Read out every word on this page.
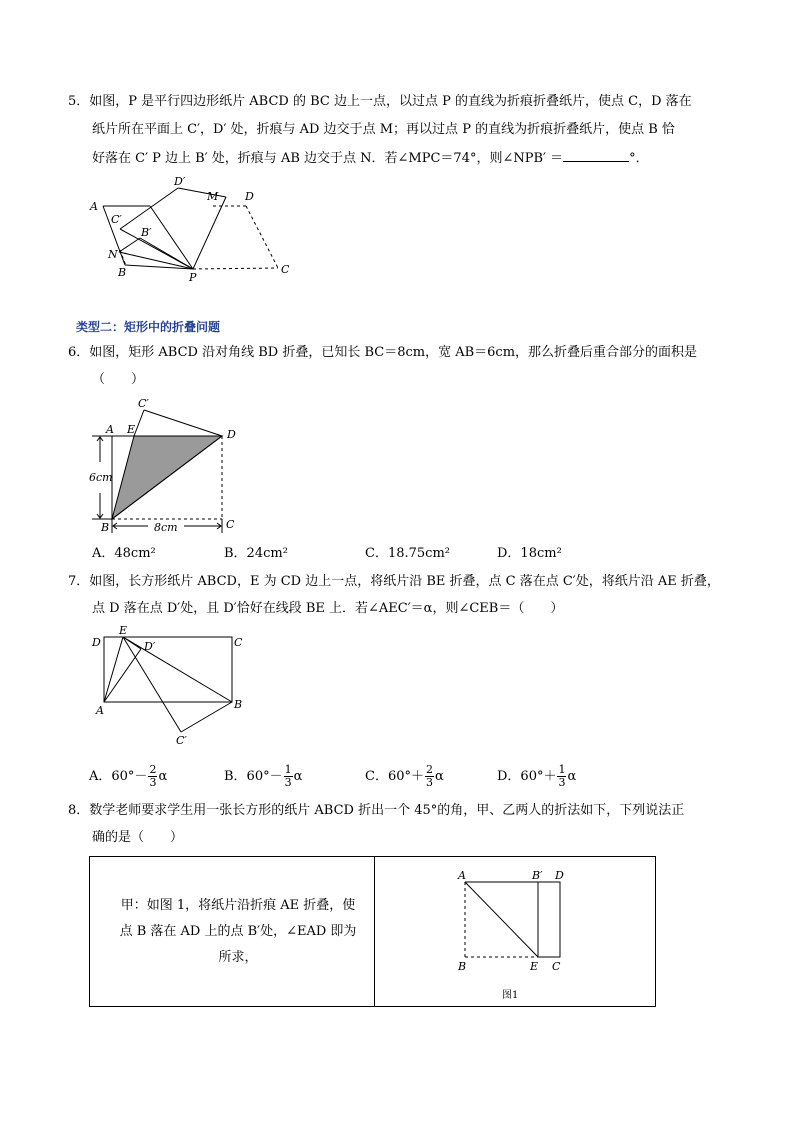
5．如图，P 是平行四边形纸片 ABCD 的 BC 边上一点，以过点 P 的直线为折痕折叠纸片，使点 C，D 落在
纸片所在平面上 C′，D′ 处，折痕与 AD 边交于点 M；再以过点 P 的直线为折痕折叠纸片，使点 B 恰
好落在 C′ P 边上 B′ 处，折痕与 AB 边交于点 N．若∠MPC＝74°，则∠NPB′ ＝	°．
A
D′
M D
C′
B′
N
B	P
C
类型二：矩形中的折叠问题
6．如图，矩形 ABCD 沿对角线 BD 折叠，已知长 BC＝8cm，宽 AB＝6cm，那么折叠后重合部分的面积是
（　　）
C′
A E	D
6cm
B	8cm	C
A．48cm²	B．24cm²	C．18.75cm²	D．18cm²
7．如图，长方形纸片 ABCD，E 为 CD 边上一点，将纸片沿 BE 折叠，点 C 落在点 C′处，将纸片沿 AE 折叠，
点 D 落在点 D′处，且 D′恰好在线段 BE 上．若∠AEC′＝α，则∠CEB＝（　　）
D
E
D′	C
A	B
C′
A．$60^\circ- \frac{2}{3}$ α	B．$60^\circ- \frac{1}{3}$ α	C．$60^\circ+ \frac{2}{3}$ α	D．$60^\circ+ \frac{1}{3}$ α
8．数学老师要求学生用一张长方形的纸片 ABCD 折出一个 45°的角，甲、乙两人的折法如下，下列说法正
确的是（　　）
甲：如图 1，将纸片沿折痕 AE 折叠，使点 B 落在 AD 上的点 B′处，∠EAD 即为所求，
A	B′ D
B	E C
图1
